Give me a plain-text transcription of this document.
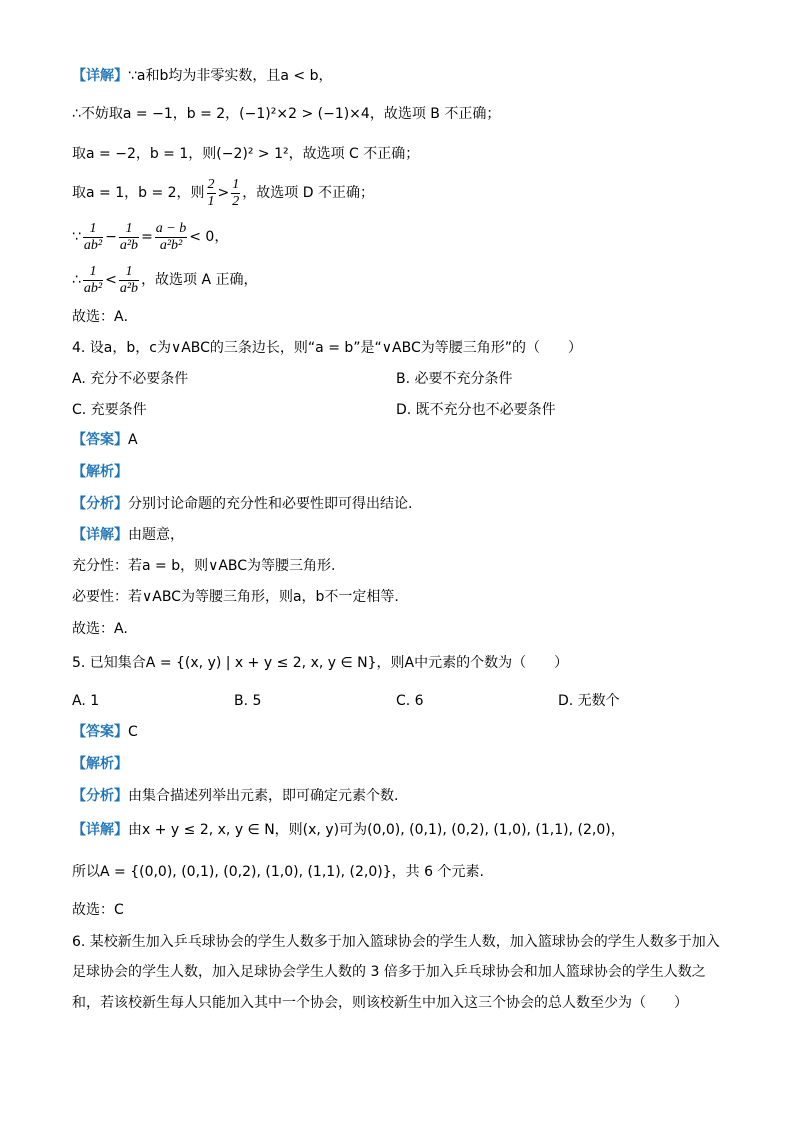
【详解】∵a和b均为非零实数，且a < b，
∴不妨取a = −1，b = 2，(−1)²×2 > (−1)×4，故选项 B 不正确；
取a = −2，b = 1，则(−2)² > 1²，故选项 C 不正确；
取a = 1，b = 2，则 $\frac{2}{1} > \frac{1}{2}$ ，故选项 D 不正确；
∵ $\frac{1}{\text{ab²}} - \frac{1}{\text{a²b}} = \frac{a - b}{\text{a²b²}} < 0$，
∴ $\frac{1}{\text{ab²}} < \frac{1}{\text{a²b}}$ ，故选项 A 正确，
故选：A．
4. 设a，b，c为∨ABC的三条边长，则“a = b”是“∨ABC为等腰三角形”的（　　）
A. 充分不必要条件	B. 必要不充分条件
C. 充要条件	D. 既不充分也不必要条件
【答案】A
【解析】
【分析】分别讨论命题的充分性和必要性即可得出结论.
【详解】由题意，
充分性：若a = b，则∨ABC为等腰三角形.
必要性：若∨ABC为等腰三角形，则a，b不一定相等.
故选：A.
5. 已知集合A = {(x, y) | x + y ≤ 2, x, y ∈ N}，则A中元素的个数为（　　）
A. 1	B. 5	C. 6	D. 无数个
【答案】C
【解析】
【分析】由集合描述列举出元素，即可确定元素个数.
【详解】由x + y ≤ 2, x, y ∈ N，则(x, y)可为(0,0), (0,1), (0,2), (1,0), (1,1), (2,0)，
所以A = {(0,0), (0,1), (0,2), (1,0), (1,1), (2,0)}，共 6 个元素.
故选：C
6. 某校新生加入乒乓球协会的学生人数多于加入篮球协会的学生人数，加入篮球协会的学生人数多于加入
足球协会的学生人数，加入足球协会学生人数的 3 倍多于加入乒乓球协会和加人篮球协会的学生人数之
和，若该校新生每人只能加入其中一个协会，则该校新生中加入这三个协会的总人数至少为（　　）
